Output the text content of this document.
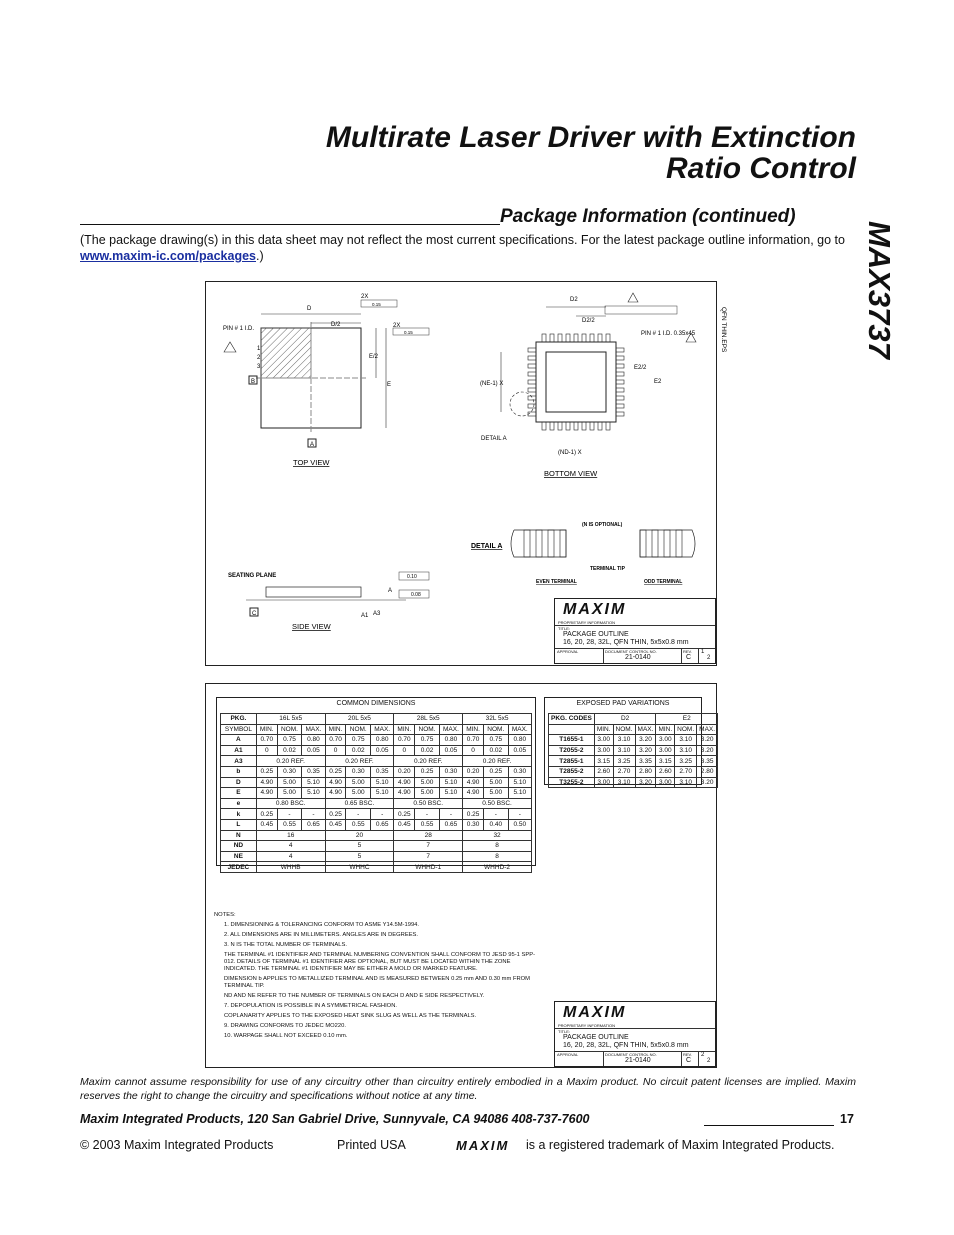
Multirate Laser Driver with Extinction
Ratio Control
MAX3737
Package Information (continued)
(The package drawing(s) in this data sheet may not reflect the most current specifications. For the latest package outline information, go to www.maxim-ic.com/packages.)
D
D/2
E/2
E
2X
0.15
2X
0.15
PIN # 1 I.D.
1
2
3
B
A
TOP VIEW
D2
D2/2
E2
E2/2
(NE-1) X
(ND-1) X
DETAIL A
PIN # 1 I.D. 0.35x45
BOTTOM VIEW
DETAIL A
(N IS OPTIONAL)
TERMINAL TIP
EVEN TERMINAL	ODD TERMINAL
SEATING PLANE
C	A1 A3
A
0.10
0.08
SIDE VIEW
QFN THIN.EPS
MAXIM
PROPRIETARY INFORMATION
TITLE:
PACKAGE OUTLINE
16, 20, 28, 32L, QFN THIN, 5x5x0.8 mm
APPROVAL	DOCUMENT CONTROL NO.	REV.
21-0140	C
1
2
COMMON DIMENSIONS
PKG.	16L 5x5			20L 5x5			28L 5x5			32L 5x5		
SYMBOL	MIN.	NOM.	MAX.	MIN.	NOM.	MAX.	MIN.	NOM.	MAX.	MIN.	NOM.	MAX.
A	0.70	0.75	0.80	0.70	0.75	0.80	0.70	0.75	0.80	0.70	0.75	0.80
A1	0	0.02	0.05	0	0.02	0.05	0	0.02	0.05	0	0.02	0.05
A3	0.20 REF.			0.20 REF.			0.20 REF.			0.20 REF.		
b	0.25	0.30	0.35	0.25	0.30	0.35	0.20	0.25	0.30	0.20	0.25	0.30
D	4.90	5.00	5.10	4.90	5.00	5.10	4.90	5.00	5.10	4.90	5.00	5.10
E	4.90	5.00	5.10	4.90	5.00	5.10	4.90	5.00	5.10	4.90	5.00	5.10
e	0.80 BSC.			0.65 BSC.			0.50 BSC.			0.50 BSC.		
k	0.25	-	-	0.25	-	-	0.25	-	-	0.25	-	-
L	0.45	0.55	0.65	0.45	0.55	0.65	0.45	0.55	0.65	0.30	0.40	0.50
N	16			20			28			32		
ND	4			5			7			8		
NE	4			5			7			8		
JEDEC	WHHB			WHHC			WHHD-1			WHHD-2		
EXPOSED PAD VARIATIONS
PKG. CODES	D2			E2		
	MIN.	NOM.	MAX.	MIN.	NOM.	MAX.
T1655-1	3.00	3.10	3.20	3.00	3.10	3.20
T2055-2	3.00	3.10	3.20	3.00	3.10	3.20
T2855-1	3.15	3.25	3.35	3.15	3.25	3.35
T2855-2	2.60	2.70	2.80	2.60	2.70	2.80
T3255-2	3.00	3.10	3.20	3.00	3.10	3.20
NOTES:
1. DIMENSIONING & TOLERANCING CONFORM TO ASME Y14.5M-1994.
2. ALL DIMENSIONS ARE IN MILLIMETERS. ANGLES ARE IN DEGREES.
3. N IS THE TOTAL NUMBER OF TERMINALS.
THE TERMINAL #1 IDENTIFIER AND TERMINAL NUMBERING CONVENTION SHALL CONFORM TO JESD 95-1 SPP-012. DETAILS OF TERMINAL #1 IDENTIFIER ARE OPTIONAL, BUT MUST BE LOCATED WITHIN THE ZONE INDICATED. THE TERMINAL #1 IDENTIFIER MAY BE EITHER A MOLD OR MARKED FEATURE.
DIMENSION b APPLIES TO METALLIZED TERMINAL AND IS MEASURED BETWEEN 0.25 mm AND 0.30 mm FROM TERMINAL TIP.
ND AND NE REFER TO THE NUMBER OF TERMINALS ON EACH D AND E SIDE RESPECTIVELY.
7. DEPOPULATION IS POSSIBLE IN A SYMMETRICAL FASHION.
COPLANARITY APPLIES TO THE EXPOSED HEAT SINK SLUG AS WELL AS THE TERMINALS.
9. DRAWING CONFORMS TO JEDEC MO220.
10. WARPAGE SHALL NOT EXCEED 0.10 mm.
MAXIM
PROPRIETARY INFORMATION
TITLE:
PACKAGE OUTLINE
16, 20, 28, 32L, QFN THIN, 5x5x0.8 mm
APPROVAL	DOCUMENT CONTROL NO.	REV.
21-0140	C
2
2
Maxim cannot assume responsibility for use of any circuitry other than circuitry entirely embodied in a Maxim product. No circuit patent licenses are implied. Maxim reserves the right to change the circuitry and specifications without notice at any time.
Maxim Integrated Products, 120 San Gabriel Drive, Sunnyvale, CA 94086 408-737-7600	17
© 2003 Maxim Integrated Products	Printed USA	MAXIM is a registered trademark of Maxim Integrated Products.
